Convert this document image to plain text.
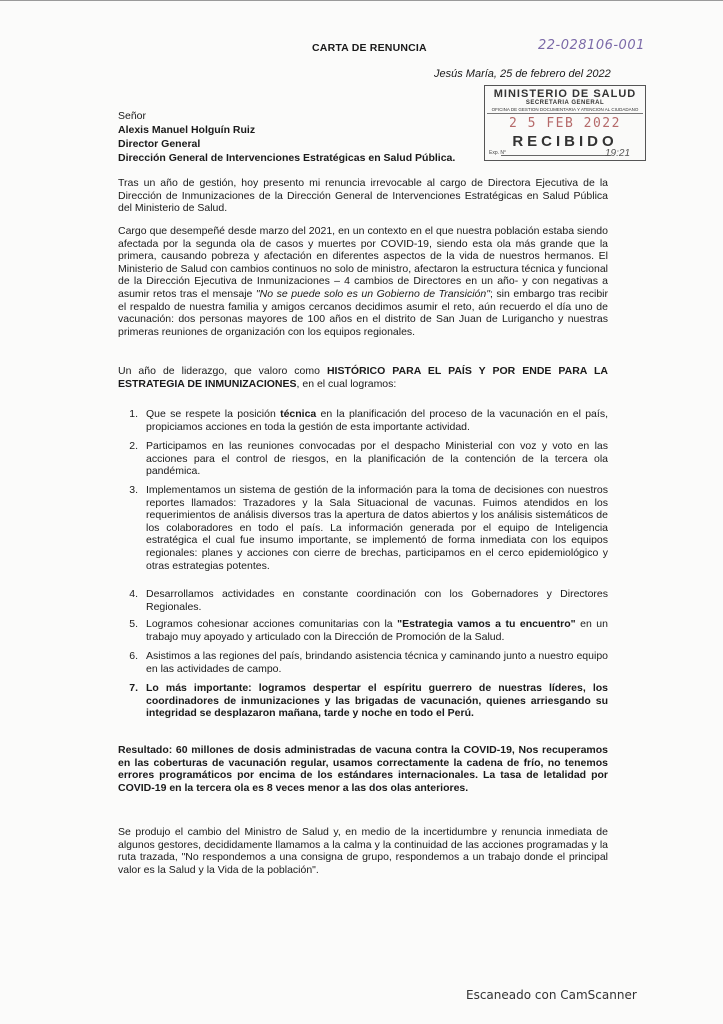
CARTA DE RENUNCIA	22-028106-001
Jesús María, 25 de febrero del 2022
MINISTERIO DE SALUD
SECRETARIA GENERAL
OFICINA DE GESTION DOCUMENTARIA Y ATENCION AL CIUDADANO
2 5 FEB 2022
RECIBIDO
Exp. N°	19:21
Señor
Alexis Manuel Holguín Ruiz
Director General
Dirección General de Intervenciones Estratégicas en Salud Pública.
Tras un año de gestión, hoy presento mi renuncia irrevocable al cargo de Directora Ejecutiva de la Dirección de Inmunizaciones de la Dirección General de Intervenciones Estratégicas en Salud Pública del Ministerio de Salud.
Cargo que desempeñé desde marzo del 2021, en un contexto en el que nuestra población estaba siendo afectada por la segunda ola de casos y muertes por COVID-19, siendo esta ola más grande que la primera, causando pobreza y afectación en diferentes aspectos de la vida de nuestros hermanos. El Ministerio de Salud con cambios continuos no solo de ministro, afectaron la estructura técnica y funcional de la Dirección Ejecutiva de Inmunizaciones – 4 cambios de Directores en un año- y con negativas a asumir retos tras el mensaje "No se puede solo es un Gobierno de Transición"; sin embargo tras recibir el respaldo de nuestra familia y amigos cercanos decidimos asumir el reto, aún recuerdo el día uno de vacunación: dos personas mayores de 100 años en el distrito de San Juan de Lurigancho y nuestras primeras reuniones de organización con los equipos regionales.
Un año de liderazgo, que valoro como HISTÓRICO PARA EL PAÍS Y POR ENDE PARA LA ESTRATEGIA DE INMUNIZACIONES, en el cual logramos:
1. Que se respete la posición técnica en la planificación del proceso de la vacunación en el país, propiciamos acciones en toda la gestión de esta importante actividad.
2. Participamos en las reuniones convocadas por el despacho Ministerial con voz y voto en las acciones para el control de riesgos, en la planificación de la contención de la tercera ola pandémica.
3. Implementamos un sistema de gestión de la información para la toma de decisiones con nuestros reportes llamados: Trazadores y la Sala Situacional de vacunas. Fuimos atendidos en los requerimientos de análisis diversos tras la apertura de datos abiertos y los análisis sistemáticos de los colaboradores en todo el país. La información generada por el equipo de Inteligencia estratégica el cual fue insumo importante, se implementó de forma inmediata con los equipos regionales: planes y acciones con cierre de brechas, participamos en el cerco epidemiológico y otras estrategias potentes.
4. Desarrollamos actividades en constante coordinación con los Gobernadores y Directores Regionales.
5. Logramos cohesionar acciones comunitarias con la "Estrategia vamos a tu encuentro" en un trabajo muy apoyado y articulado con la Dirección de Promoción de la Salud.
6. Asistimos a las regiones del país, brindando asistencia técnica y caminando junto a nuestro equipo en las actividades de campo.
7. Lo más importante: logramos despertar el espíritu guerrero de nuestras líderes, los coordinadores de inmunizaciones y las brigadas de vacunación, quienes arriesgando su integridad se desplazaron mañana, tarde y noche en todo el Perú.
Resultado: 60 millones de dosis administradas de vacuna contra la COVID-19, Nos recuperamos en las coberturas de vacunación regular, usamos correctamente la cadena de frío, no tenemos errores programáticos por encima de los estándares internacionales. La tasa de letalidad por COVID-19 en la tercera ola es 8 veces menor a las dos olas anteriores.
Se produjo el cambio del Ministro de Salud y, en medio de la incertidumbre y renuncia inmediata de algunos gestores, decididamente llamamos a la calma y la continuidad de las acciones programadas y la ruta trazada, "No respondemos a una consigna de grupo, respondemos a un trabajo donde el principal valor es la Salud y la Vida de la población".
Escaneado con CamScanner
